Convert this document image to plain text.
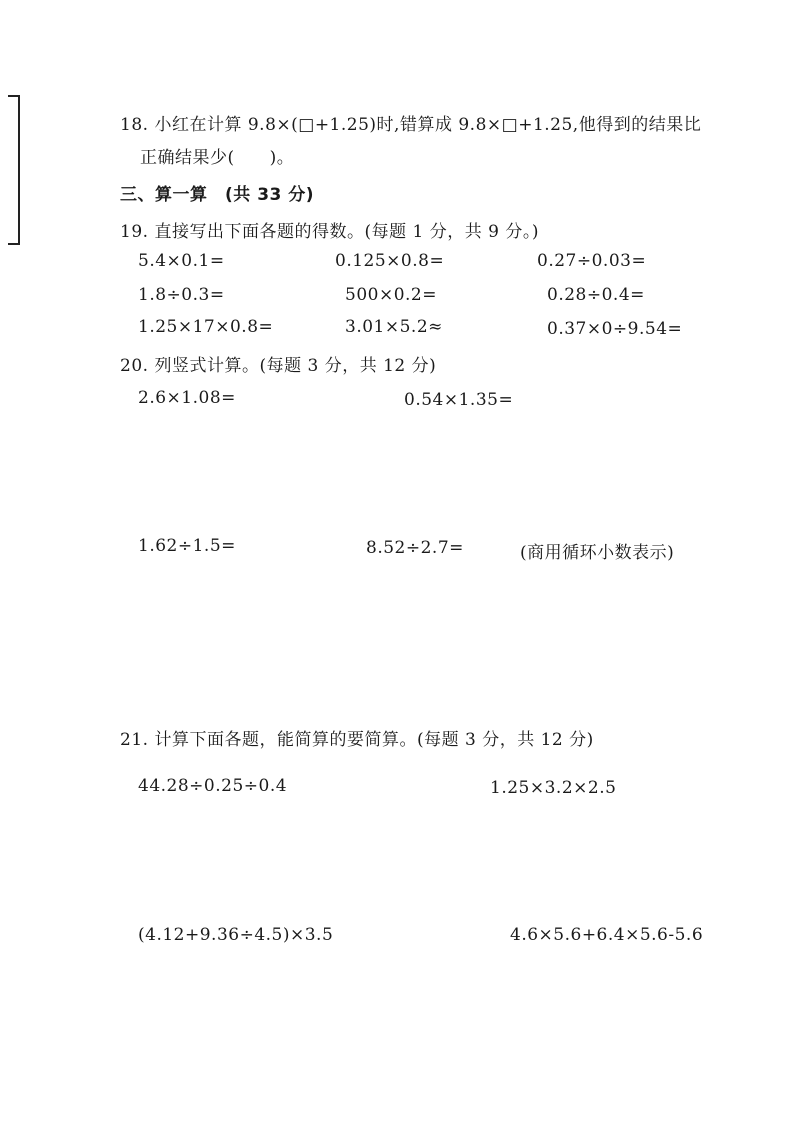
18. 小红在计算 9.8×(□+1.25)时,错算成 9.8×□+1.25,他得到的结果比
正确结果少(　　)。
三、算一算　(共 33 分)
19. 直接写出下面各题的得数。(每题 1 分，共 9 分。)
5.4×0.1=	0.125×0.8=	0.27÷0.03=
1.8÷0.3=	500×0.2=	0.28÷0.4=
1.25×17×0.8=	3.01×5.2≈	0.37×0÷9.54=
20. 列竖式计算。(每题 3 分，共 12 分)
2.6×1.08=	0.54×1.35=
1.62÷1.5=	8.52÷2.7=	(商用循环小数表示)
21. 计算下面各题，能简算的要简算。(每题 3 分，共 12 分)
44.28÷0.25÷0.4	1.25×3.2×2.5
(4.12+9.36÷4.5)×3.5	4.6×5.6+6.4×5.6-5.6
